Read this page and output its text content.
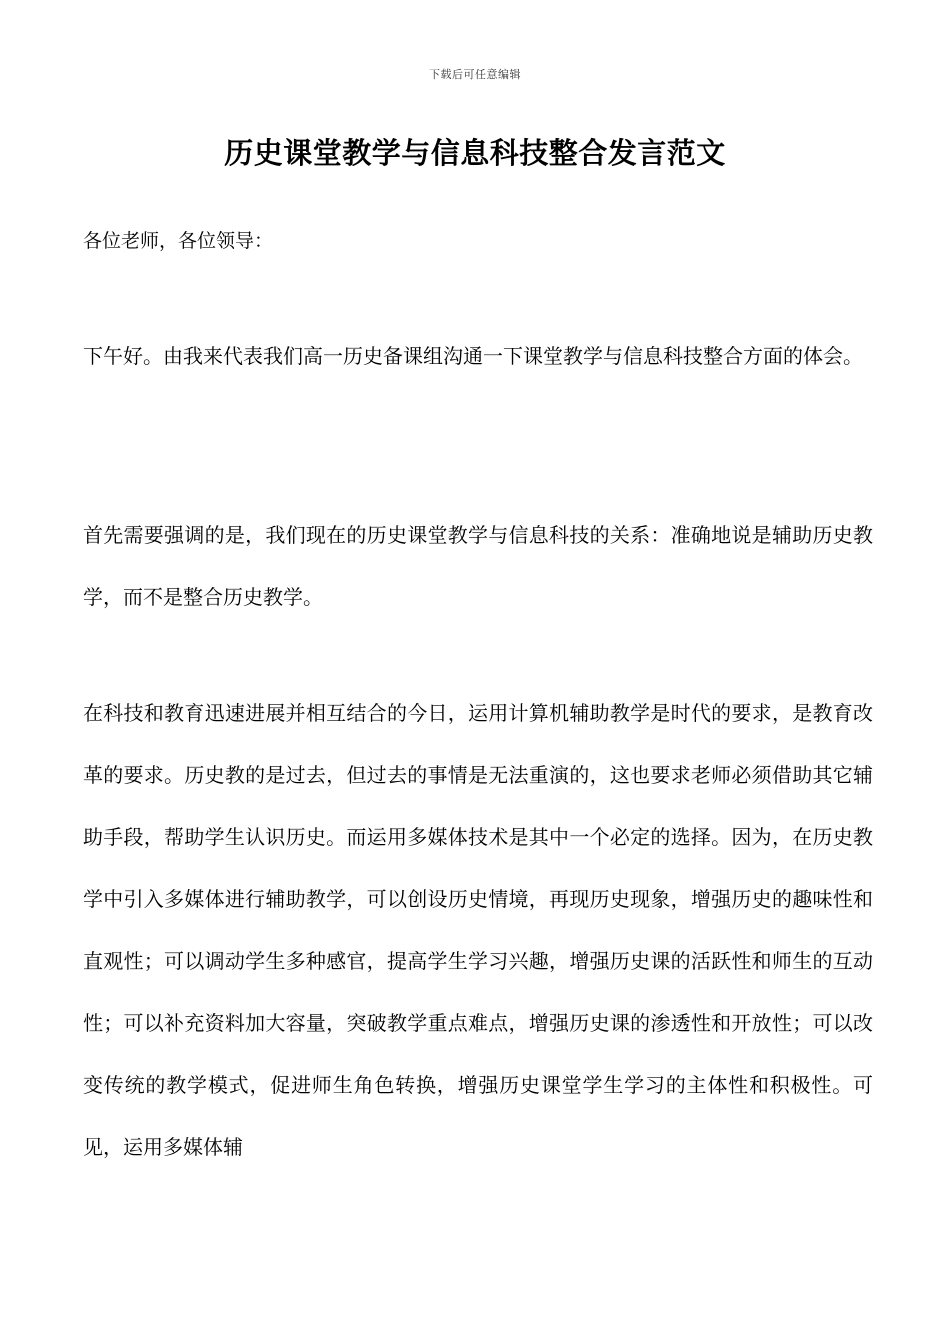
下载后可任意编辑
历史课堂教学与信息科技整合发言范文
各位老师，各位领导：

下午好。由我来代表我们高一历史备课组沟通一下课堂教学与信息科技整合方面的体会。

首先需要强调的是，我们现在的历史课堂教学与信息科技的关系：准确地说是辅助历史教学，而不是整合历史教学。

在科技和教育迅速进展并相互结合的今日，运用计算机辅助教学是时代的要求，是教育改革的要求。历史教的是过去，但过去的事情是无法重演的，这也要求老师必须借助其它辅助手段，帮助学生认识历史。而运用多媒体技术是其中一个必定的选择。因为，在历史教学中引入多媒体进行辅助教学，可以创设历史情境，再现历史现象，增强历史的趣味性和直观性；可以调动学生多种感官，提高学生学习兴趣，增强历史课的活跃性和师生的互动性；可以补充资料加大容量，突破教学重点难点，增强历史课的渗透性和开放性；可以改变传统的教学模式，促进师生角色转换，增强历史课堂学生学习的主体性和积极性。可见，运用多媒体辅
